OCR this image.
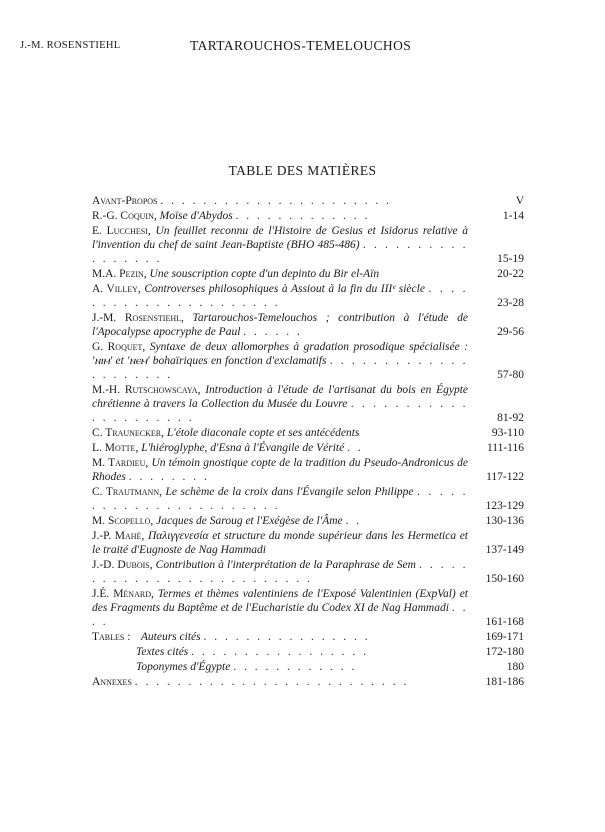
J.-M. ROSENSTIEHL	TARTAROUCHOS-TEMELOUCHOS
TABLE DES MATIÈRES
Avant-Propos . . . . . . . . . . . . . . . . . . . . . .	V
R.-G. Coquin, Moïse d'Abydos . . . . . . . . . . . . .	1-14
E. Lucchesi, Un feuillet reconnu de l'Histoire de Gesius et Isidorus relative à l'invention du chef de saint Jean-Baptiste (BHO 485-486) . . . . . . . . . . . . . . . . .	15-19
M.A. Pezin, Une souscription copte d'un depinto du Bir el-Aïn	20-22
A. Villey, Controverses philosophiques à Assiout à la fin du IIIᵉ siècle . . . . . . . . . . . . . . . . . . . . . .	23-28
J.-M. Rosenstiehl, Tartarouchos-Temelouchos ; contribution à l'étude de l'Apocalypse apocryphe de Paul . . . . . .	29-56
G. Roquet, Syntaxe de deux allomorphes à gradation prosodique spécialisée : 'ⲛⲓⲙ' et 'ⲛⲉⲙ' bohaïriques en fonction d'exclamatifs . . . . . . . . . . . . . . . . . . . . .	57-80
M.-H. Rutschowscaya, Introduction à l'étude de l'artisanat du bois en Égypte chrétienne à travers la Collection du Musée du Louvre . . . . . . . . . . . . . . . . . . . . .	81-92
C. Traunecker, L'étole diaconale copte et ses antécédents	93-110
L. Motte, L'hiéroglyphe, d'Esna à l'Évangile de Vérité . .	111-116
M. Tardieu, Un témoin gnostique copte de la tradition du Pseudo-Andronicus de Rhodes . . . . . . . .	117-122
C. Trautmann, Le schème de la croix dans l'Évangile selon Philippe . . . . . . . . . . . . . . . . . . . . . . .	123-129
M. Scopello, Jacques de Saroug et l'Exégèse de l'Âme . .	130-136
J.-P. Mahé, Παλιγγενεσία et structure du monde supérieur dans les Hermetica et le traité d'Eugnoste de Nag Hammadi	137-149
J.-D. Dubois, Contribution à l'interprétation de la Paraphrase de Sem . . . . . . . . . . . . . . . . . . . . . . . . . .	150-160
J.É. Ménard, Termes et thèmes valentiniens de l'Exposé Valentinien (ExpVal) et des Fragments du Baptême et de l'Eucharistie du Codex XI de Nag Hammadi . . . .	161-168
Tables : Auteurs cités . . . . . . . . . . . . . . . .	169-171
Textes cités . . . . . . . . . . . . . . . . .	172-180
Toponymes d'Égypte . . . . . . . . . . . .	180
Annexes . . . . . . . . . . . . . . . . . . . . . . . . . .	181-186
